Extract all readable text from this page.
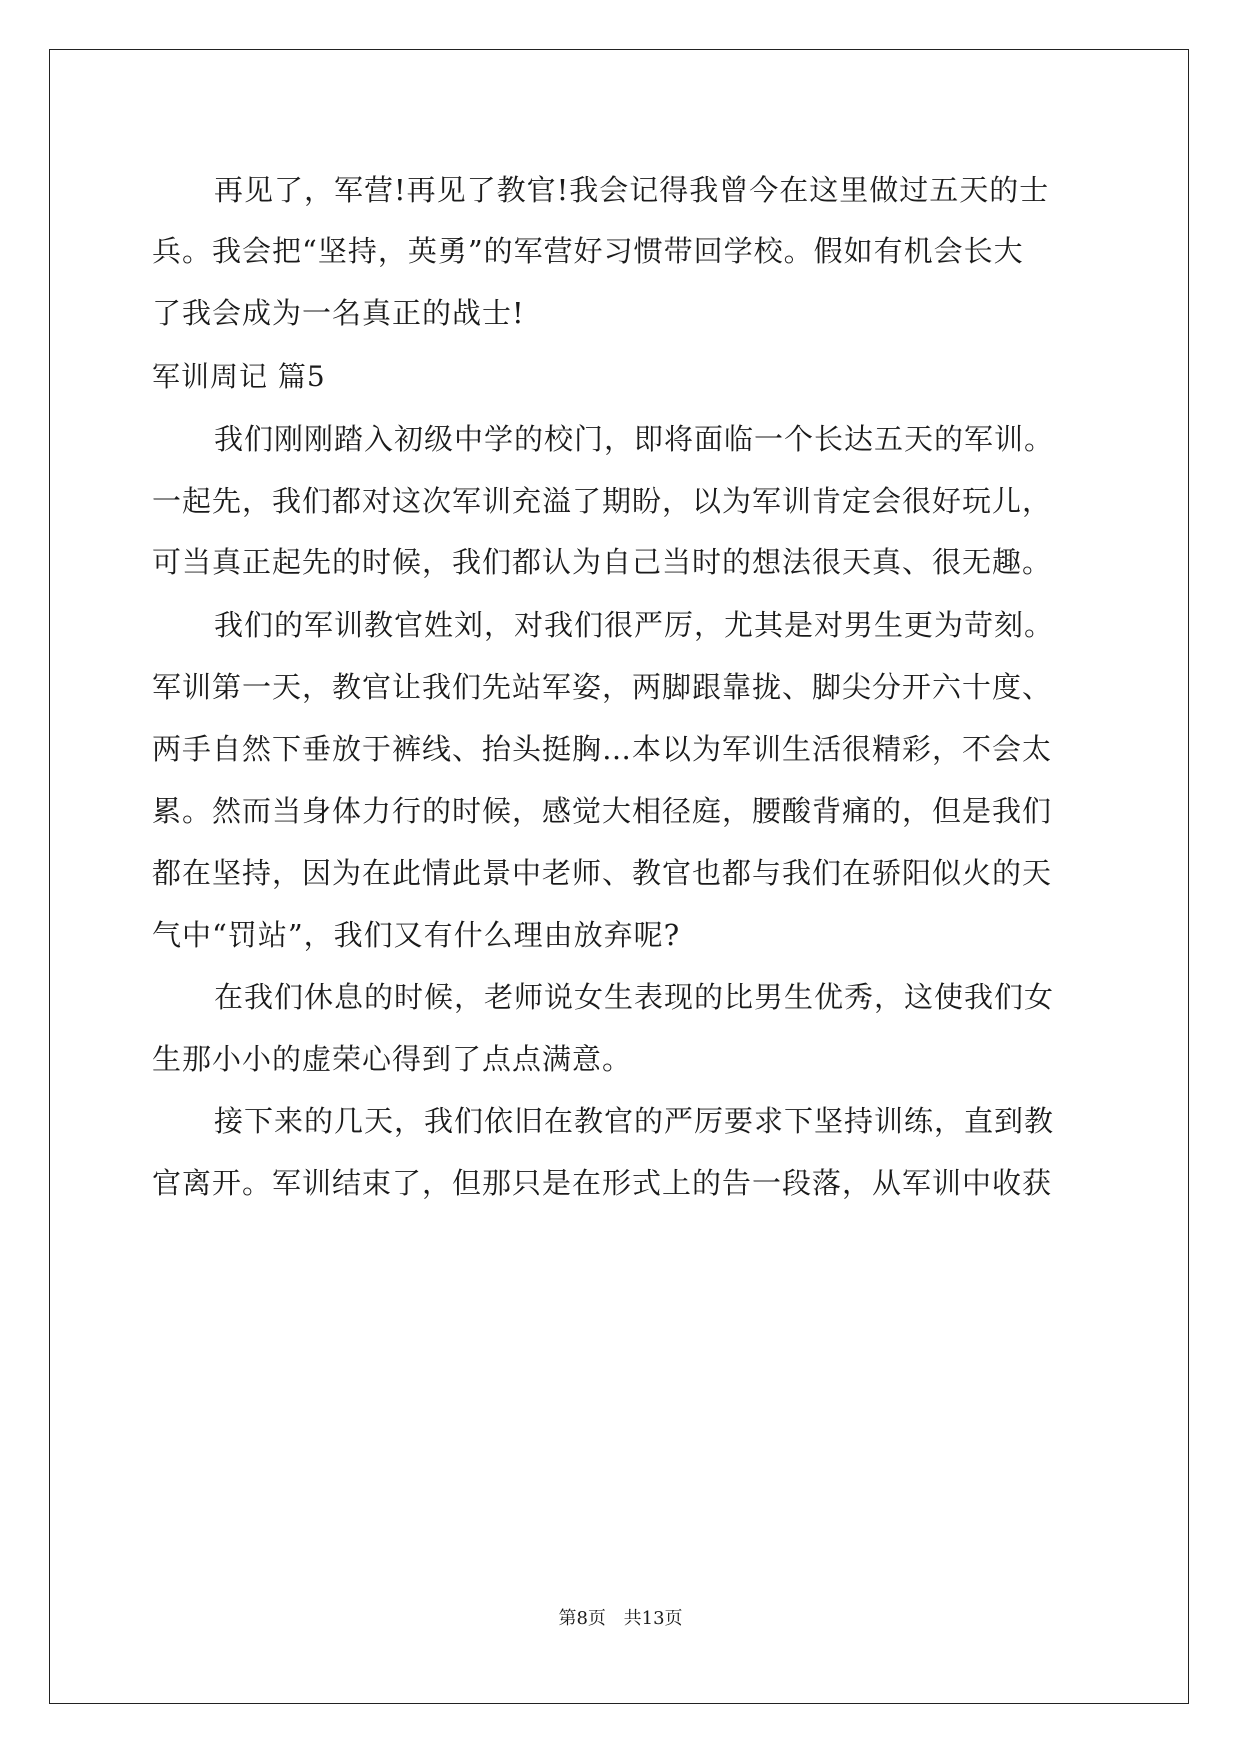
再见了，军营!再见了教官!我会记得我曾今在这里做过五天的士
兵。我会把“坚持，英勇”的军营好习惯带回学校。假如有机会长大
了我会成为一名真正的战士!
军训周记 篇5
我们刚刚踏入初级中学的校门，即将面临一个长达五天的军训。
一起先，我们都对这次军训充溢了期盼，以为军训肯定会很好玩儿，
可当真正起先的时候，我们都认为自己当时的想法很天真、很无趣。
我们的军训教官姓刘，对我们很严厉，尤其是对男生更为苛刻。
军训第一天，教官让我们先站军姿，两脚跟靠拢、脚尖分开六十度、
两手自然下垂放于裤线、抬头挺胸…本以为军训生活很精彩，不会太
累。然而当身体力行的时候，感觉大相径庭，腰酸背痛的，但是我们
都在坚持，因为在此情此景中老师、教官也都与我们在骄阳似火的天
气中“罚站”，我们又有什么理由放弃呢?
在我们休息的时候，老师说女生表现的比男生优秀，这使我们女
生那小小的虚荣心得到了点点满意。
接下来的几天，我们依旧在教官的严厉要求下坚持训练，直到教
官离开。军训结束了，但那只是在形式上的告一段落，从军训中收获
第8页 共13页
